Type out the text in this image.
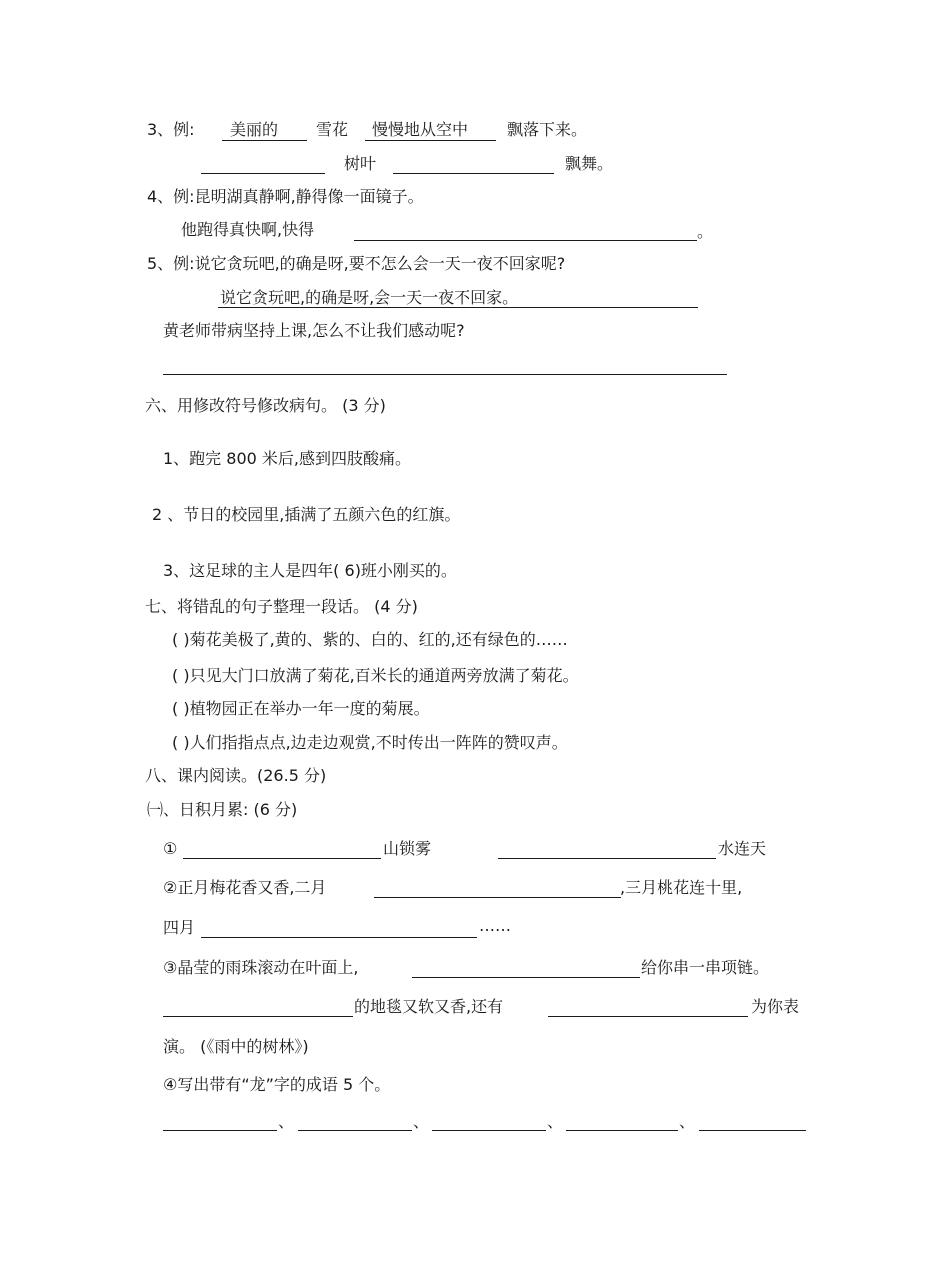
3、例: 美丽的 雪花 慢慢地从空中 飘落下来。
树叶	飘舞。
4、例:昆明湖真静啊,静得像一面镜子。
他跑得真快啊,快得	。
5、例:说它贪玩吧,的确是呀,要不怎么会一天一夜不回家呢?
说它贪玩吧,的确是呀,会一天一夜不回家。
黄老师带病坚持上课,怎么不让我们感动呢?
六、用修改符号修改病句。 (3 分)
1、跑完 800 米后,感到四肢酸痛。
2 、节日的校园里,插满了五颜六色的红旗。
3、这足球的主人是四年( 6)班小刚买的。
七、将错乱的句子整理一段话。 (4 分)
( )菊花美极了,黄的、紫的、白的、红的,还有绿色的……
( )只见大门口放满了菊花,百米长的通道两旁放满了菊花。
( )植物园正在举办一年一度的菊展。
( )人们指指点点,边走边观赏,不时传出一阵阵的赞叹声。
八、课内阅读。(26.5 分)
㈠、日积月累: (6 分)
①	山锁雾	水连天
②正月梅花香又香,二月	,三月桃花连十里,
四月	……
③晶莹的雨珠滚动在叶面上,	给你串一串项链。
的地毯又软又香,还有	为你表
演。 (《雨中的树林》)
④写出带有“龙”字的成语 5 个。
、	、	、	、
